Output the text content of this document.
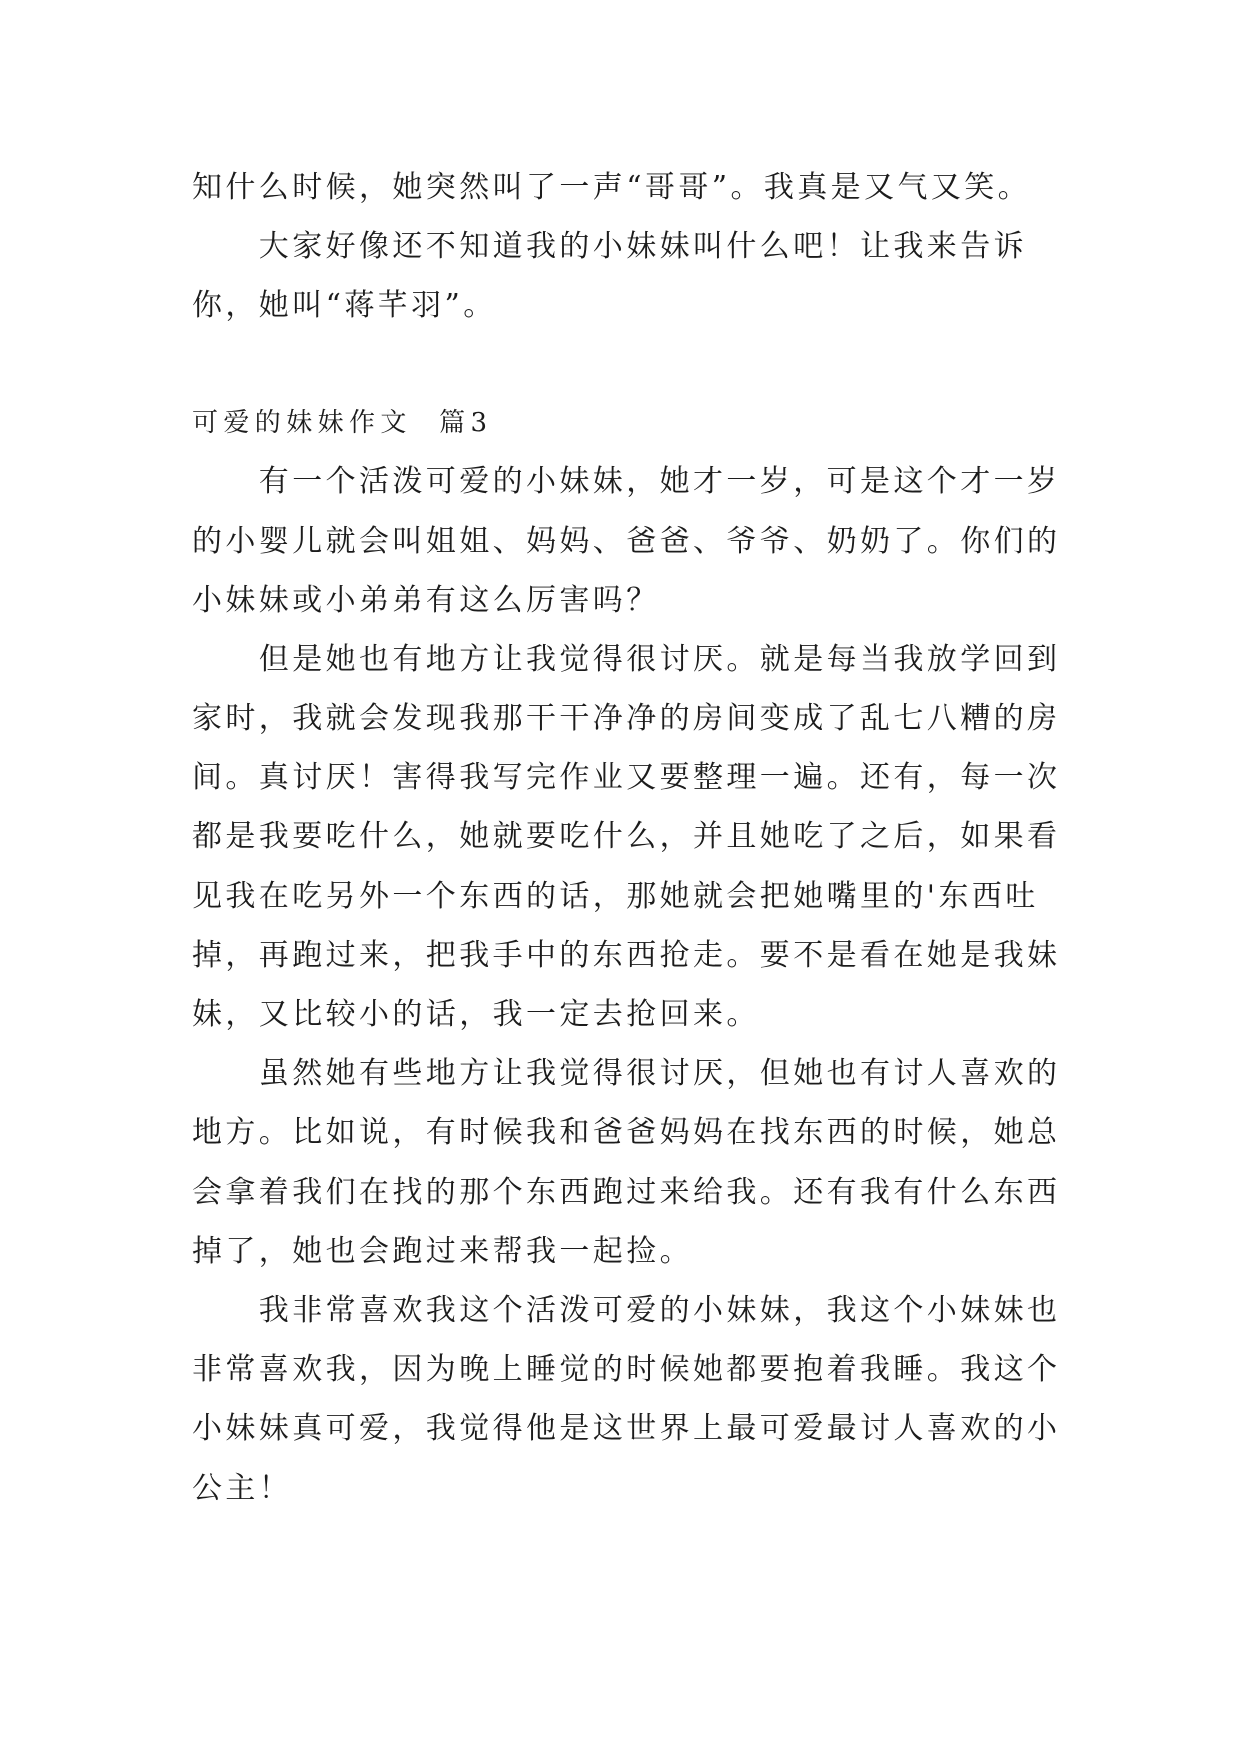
知什么时候，她突然叫了一声“哥哥”。我真是又气又笑。
大家好像还不知道我的小妹妹叫什么吧！让我来告诉
你，她叫“蒋芊羽”。
可爱的妹妹作文  篇3
有一个活泼可爱的小妹妹，她才一岁，可是这个才一岁
的小婴儿就会叫姐姐、妈妈、爸爸、爷爷、奶奶了。你们的
小妹妹或小弟弟有这么厉害吗？
但是她也有地方让我觉得很讨厌。就是每当我放学回到
家时，我就会发现我那干干净净的房间变成了乱七八糟的房
间。真讨厌！害得我写完作业又要整理一遍。还有，每一次
都是我要吃什么，她就要吃什么，并且她吃了之后，如果看
见我在吃另外一个东西的话，那她就会把她嘴里的'东西吐
掉，再跑过来，把我手中的东西抢走。要不是看在她是我妹
妹，又比较小的话，我一定去抢回来。
虽然她有些地方让我觉得很讨厌，但她也有讨人喜欢的
地方。比如说，有时候我和爸爸妈妈在找东西的时候，她总
会拿着我们在找的那个东西跑过来给我。还有我有什么东西
掉了，她也会跑过来帮我一起捡。
我非常喜欢我这个活泼可爱的小妹妹，我这个小妹妹也
非常喜欢我，因为晚上睡觉的时候她都要抱着我睡。我这个
小妹妹真可爱，我觉得他是这世界上最可爱最讨人喜欢的小
公主！
